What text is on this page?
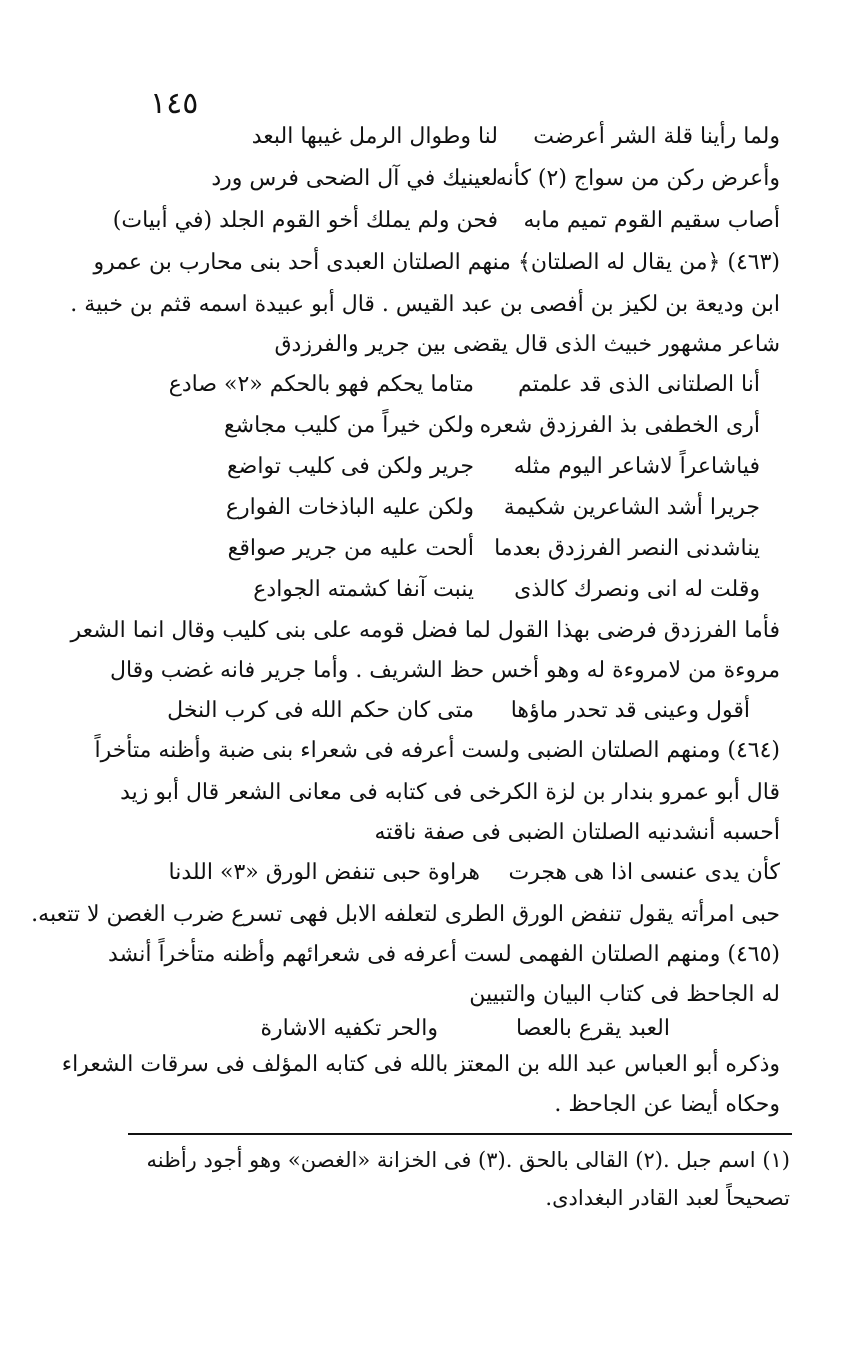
١٤٥
ولما رأينا قلة الشر أعرضت
لنا وطوال الرمل غيبها البعد
وأعرض ركن من سواج (٢) كأنه
لعينيك في آل الضحى فرس ورد
أصاب سقيم القوم تميم مابه
فحن ولم يملك أخو القوم الجلد (في أبيات)
(٤٦٣) ﴿من يقال له الصلتان﴾ منهم الصلتان العبدى أحد بنى محارب بن عمرو
ابن وديعة بن لكيز بن أفصى بن عبد القيس . قال أبو عبيدة اسمه قثم بن خبية .
شاعر مشهور خبيث الذى قال يقضى بين جرير والفرزدق
أنا الصلتانى الذى قد علمتم
متاما يحكم فهو بالحكم «٢» صادع
أرى الخطفى بذ الفرزدق شعره
ولكن خيراً من كليب مجاشع
فياشاعراً لاشاعر اليوم مثله
جرير ولكن فى كليب تواضع
جريرا أشد الشاعرين شكيمة
ولكن عليه الباذخات الفوارع
يناشدنى النصر الفرزدق بعدما
ألحت عليه من جرير صواقع
وقلت له انى ونصرك كالذى
ينبت آنفا كشمته الجوادع
فأما الفرزدق فرضى بهذا القول لما فضل قومه على بنى كليب وقال انما الشعر
مروءة من لامروءة له وهو أخس حظ الشريف . وأما جرير فانه غضب وقال
أقول وعينى قد تحدر ماؤها
متى كان حكم الله فى كرب النخل
(٤٦٤) ومنهم الصلتان الضبى ولست أعرفه فى شعراء بنى ضبة وأظنه متأخراً
قال أبو عمرو بندار بن لزة الكرخى فى كتابه فى معانى الشعر قال أبو زيد
أحسبه أنشدنيه الصلتان الضبى فى صفة ناقته
كأن يدى عنسى اذا هى هجرت
هراوة حبى تنفض الورق «٣» اللدنا
حبى امرأته يقول تنفض الورق الطرى لتعلفه الابل فهى تسرع ضرب الغصن لا تتعبه.
(٤٦٥) ومنهم الصلتان الفهمى لست أعرفه فى شعرائهم وأظنه متأخراً أنشد
له الجاحظ فى كتاب البيان والتبيين
العبد يقرع بالعصا
والحر تكفيه الاشارة
وذكره أبو العباس عبد الله بن المعتز بالله فى كتابه المؤلف فى سرقات الشعراء
وحكاه أيضا عن الجاحظ .
(١) اسم جبل .(٢) القالى بالحق .(٣) فى الخزانة «الغصن» وهو أجود رأظنه
تصحيحاً لعبد القادر البغدادى.
